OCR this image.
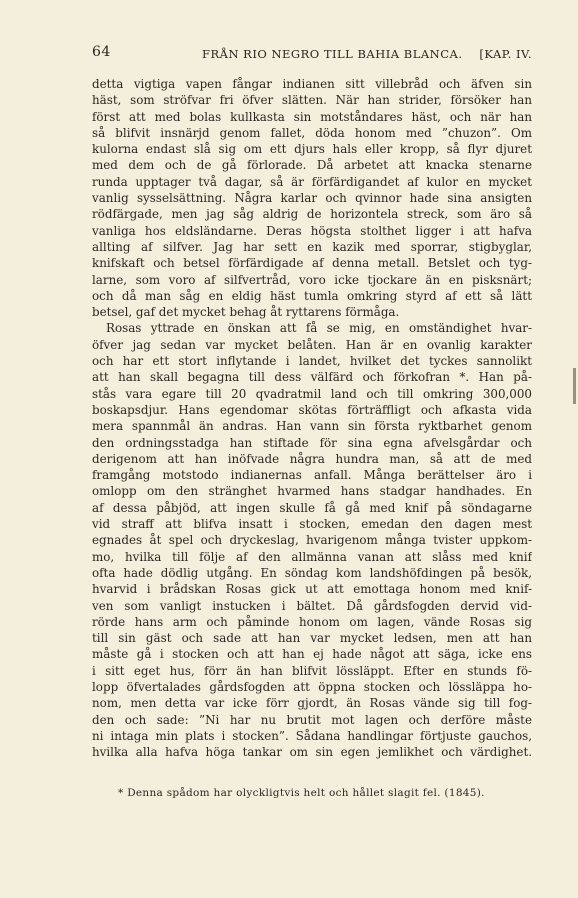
64	FRÅN RIO NEGRO TILL BAHIA BLANCA. [KAP. IV.
detta vigtiga vapen fångar indianen sitt villebråd och äfven sin
häst, som ströfvar fri öfver slätten. När han strider, försöker han
först att med bolas kullkasta sin motståndares häst, och när han
så blifvit insnärjd genom fallet, döda honom med ”chuzon”. Om
kulorna endast slå sig om ett djurs hals eller kropp, så flyr djuret
med dem och de gå förlorade. Då arbetet att knacka stenarne
runda upptager två dagar, så är förfärdigandet af kulor en mycket
vanlig sysselsättning. Några karlar och qvinnor hade sina ansigten
rödfärgade, men jag såg aldrig de horizontela streck, som äro så
vanliga hos eldsländarne. Deras högsta stolthet ligger i att hafva
allting af silfver. Jag har sett en kazik med sporrar, stigbyglar,
knifskaft och betsel förfärdigade af denna metall. Betslet och tyg-
larne, som voro af silfvertråd, voro icke tjockare än en pisksnärt;
och då man såg en eldig häst tumla omkring styrd af ett så lätt
betsel, gaf det mycket behag åt ryttarens förmåga.
Rosas yttrade en önskan att få se mig, en omständighet hvar-
öfver jag sedan var mycket belåten. Han är en ovanlig karakter
och har ett stort inflytande i landet, hvilket det tyckes sannolikt
att han skall begagna till dess välfärd och förkofran *. Han på-
stås vara egare till 20 qvadratmil land och till omkring 300,000
boskapsdjur. Hans egendomar skötas förträffligt och afkasta vida
mera spannmål än andras. Han vann sin första ryktbarhet genom
den ordningsstadga han stiftade för sina egna afvelsgårdar och
derigenom att han inöfvade några hundra man, så att de med
framgång motstodo indianernas anfall. Många berättelser äro i
omlopp om den stränghet hvarmed hans stadgar handhades. En
af dessa påbjöd, att ingen skulle få gå med knif på söndagarne
vid straff att blifva insatt i stocken, emedan den dagen mest
egnades åt spel och dryckeslag, hvarigenom många tvister uppkom-
mo, hvilka till följe af den allmänna vanan att slåss med knif
ofta hade dödlig utgång. En söndag kom landshöfdingen på besök,
hvarvid i brådskan Rosas gick ut att emottaga honom med knif-
ven som vanligt instucken i bältet. Då gårdsfogden dervid vid-
rörde hans arm och påminde honom om lagen, vände Rosas sig
till sin gäst och sade att han var mycket ledsen, men att han
måste gå i stocken och att han ej hade något att säga, icke ens
i sitt eget hus, förr än han blifvit lössläppt. Efter en stunds fö-
lopp öfvertalades gårdsfogden att öppna stocken och lössläppa ho-
nom, men detta var icke förr gjordt, än Rosas vände sig till fog-
den och sade: ”Ni har nu brutit mot lagen och derföre måste
ni intaga min plats i stocken”. Sådana handlingar förtjuste gauchos,
hvilka alla hafva höga tankar om sin egen jemlikhet och värdighet.
* Denna spådom har olyckligtvis helt och hållet slagit fel. (1845).
